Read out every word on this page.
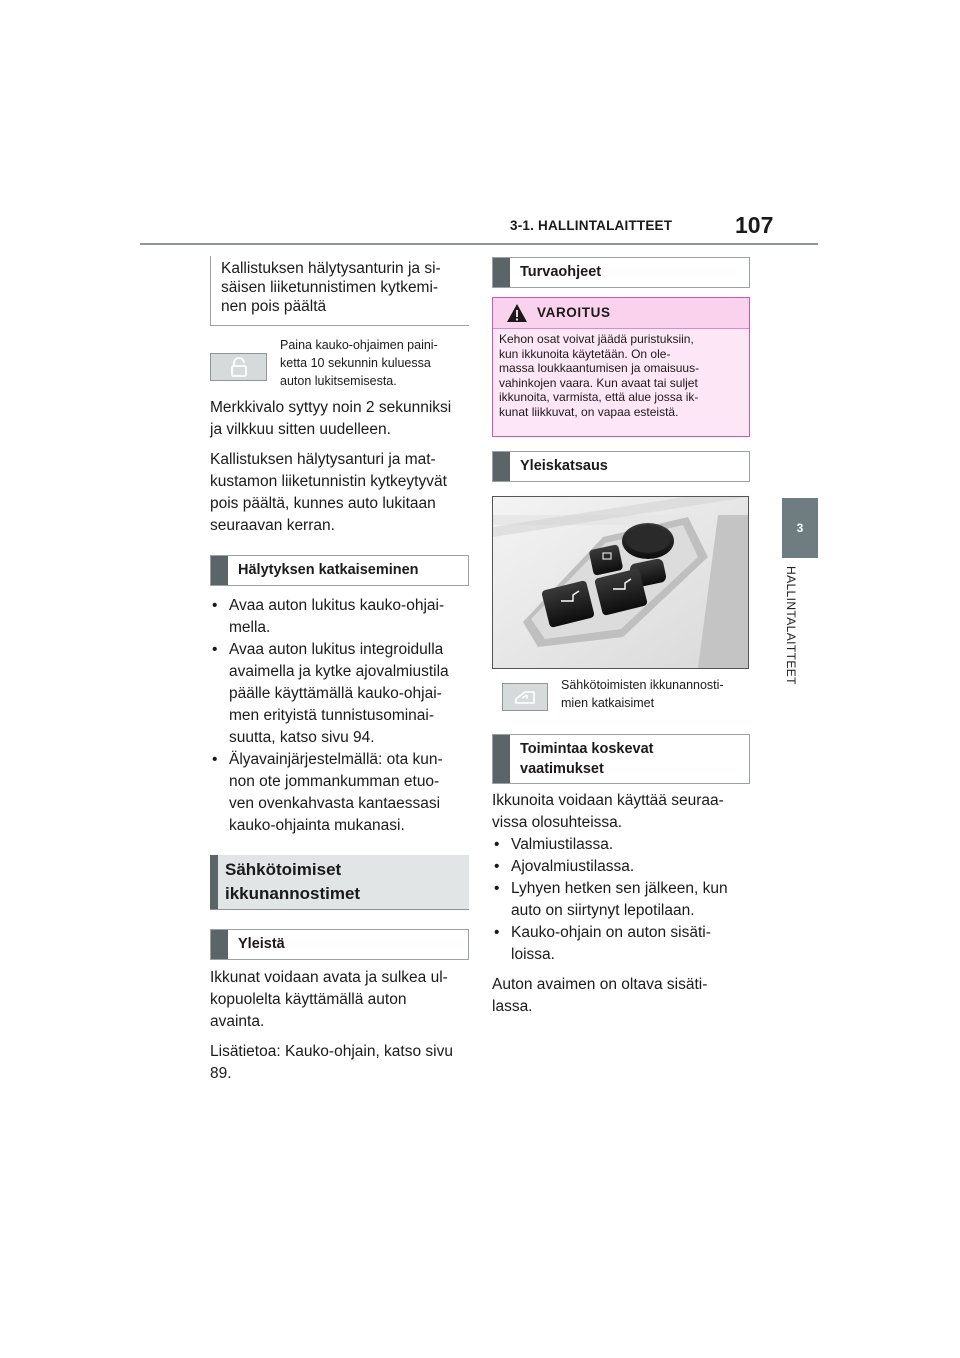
3-1. HALLINTALAITTEET	107
3
HALLINTALAITTEET
Kallistuksen hälytysanturin ja si-
säisen liiketunnistimen kytkemi-
nen pois päältä
Paina kauko-ohjaimen paini-
ketta 10 sekunnin kuluessa
auton lukitsemisesta.

Merkkivalo syttyy noin 2 sekunniksi
ja vilkkuu sitten uudelleen.

Kallistuksen hälytysanturi ja mat-
kustamon liiketunnistin kytkeytyvät
pois päältä, kunnes auto lukitaan
seuraavan kerran.

Hälytyksen katkaiseminen
• Avaa auton lukitus kauko-ohjai-
mella.
• Avaa auton lukitus integroidulla
avaimella ja kytke ajovalmiustila
päälle käyttämällä kauko-ohjai-
men erityistä tunnistusominai-
suutta, katso sivu 94.
• Älyavainjärjestelmällä: ota kun-
non ote jommankumman etuo-
ven ovenkahvasta kantaessasi
kauko-ohjainta mukanasi.
Sähkötoimiset
ikkunannostimet
Yleistä

Ikkunat voidaan avata ja sulkea ul-
kopuolelta käyttämällä auton
avainta.

Lisätietoa: Kauko-ohjain, katso sivu
89.

Turvaohjeet
VAROITUS
Kehon osat voivat jäädä puristuksiin,
kun ikkunoita käytetään. On ole-
massa loukkaantumisen ja omaisuus-
vahinkojen vaara. Kun avaat tai suljet
ikkunoita, varmista, että alue jossa ik-
kunat liikkuvat, on vapaa esteistä.
Yleiskatsaus
Sähkötoimisten ikkunannosti-
mien katkaisimet
Toimintaa koskevat
vaatimukset

Ikkunoita voidaan käyttää seuraa-
vissa olosuhteissa.

• Valmiustilassa.
• Ajovalmiustilassa.
• Lyhyen hetken sen jälkeen, kun
auto on siirtynyt lepotilaan.
• Kauko-ohjain on auton sisäti-
loissa.

Auton avaimen on oltava sisäti-
lassa.
